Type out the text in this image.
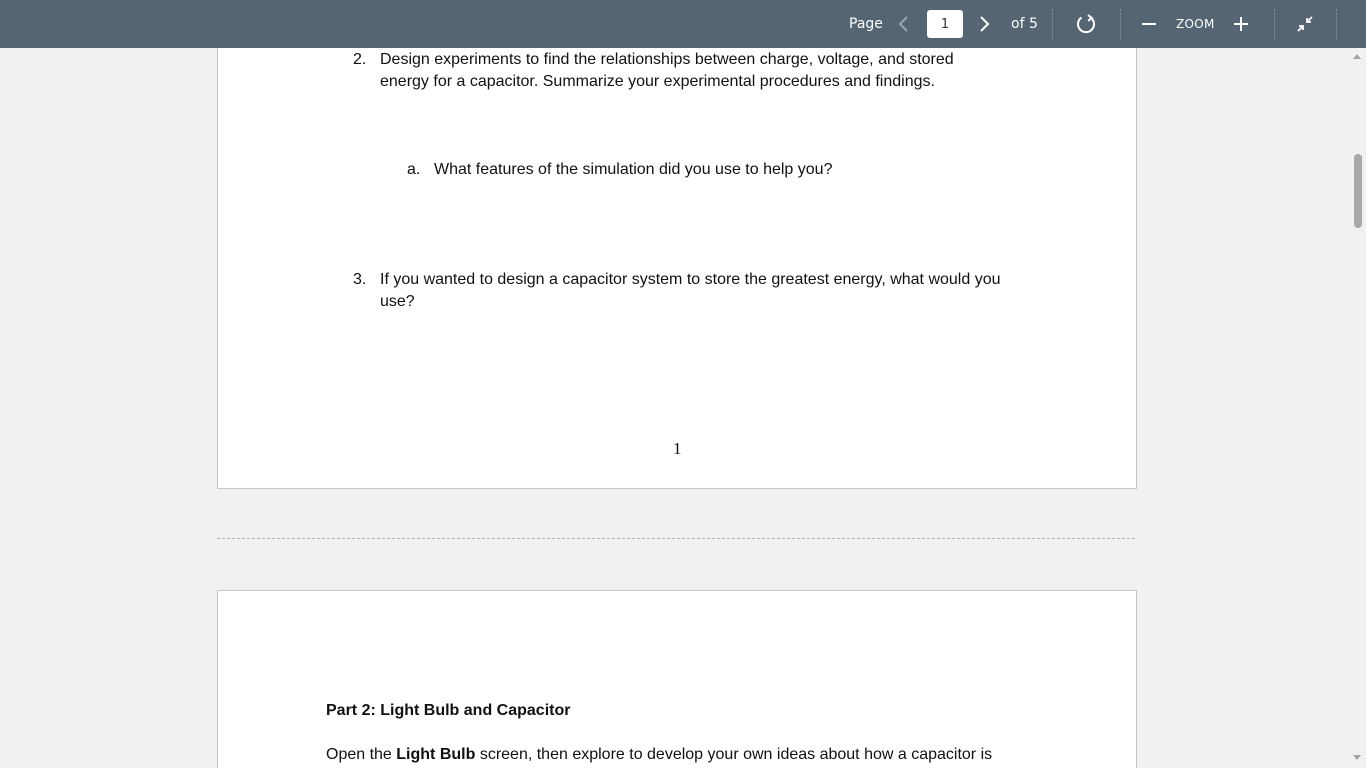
Page
1	of 5	ZOOM
2. Design experiments to find the relationships between charge, voltage, and stored
energy for a capacitor. Summarize your experimental procedures and findings.
a. What features of the simulation did you use to help you?
3. If you wanted to design a capacitor system to store the greatest energy, what would you
use?
1
Part 2: Light Bulb and Capacitor
Open the Light Bulb screen, then explore to develop your own ideas about how a capacitor is
